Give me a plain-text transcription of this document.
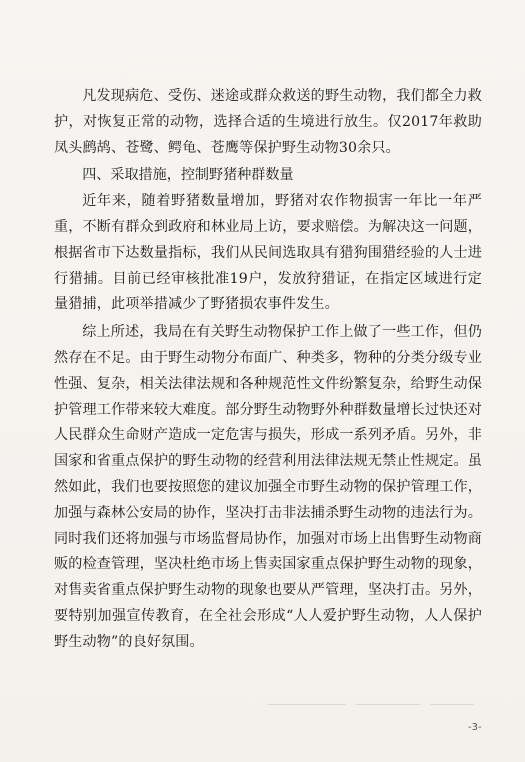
凡发现病危、受伤、迷途或群众救送的野生动物，我们都全力救护，对恢复正常的动物，选择合适的生境进行放生。仅2017年救助凤头鹧鸪、苍鹭、鳄龟、苍鹰等保护野生动物30余只。

四、采取措施，控制野猪种群数量

近年来，随着野猪数量增加，野猪对农作物损害一年比一年严重，不断有群众到政府和林业局上访，要求赔偿。为解决这一问题，根据省市下达数量指标，我们从民间选取具有猎狗围猎经验的人士进行猎捕。目前已经审核批准19户，发放狩猎证，在指定区域进行定量猎捕，此项举措减少了野猪损农事件发生。

综上所述，我局在有关野生动物保护工作上做了一些工作，但仍然存在不足。由于野生动物分布面广、种类多，物种的分类分级专业性强、复杂，相关法律法规和各种规范性文件纷繁复杂，给野生动保护管理工作带来较大难度。部分野生动物野外种群数量增长过快还对人民群众生命财产造成一定危害与损失，形成一系列矛盾。另外，非国家和省重点保护的野生动物的经营利用法律法规无禁止性规定。虽然如此，我们也要按照您的建议加强全市野生动物的保护管理工作，加强与森林公安局的协作，坚决打击非法捕杀野生动物的违法行为。同时我们还将加强与市场监督局协作，加强对市场上出售野生动物商贩的检查管理，坚决杜绝市场上售卖国家重点保护野生动物的现象，对售卖省重点保护野生动物的现象也要从严管理，坚决打击。另外，要特别加强宣传教育，在全社会形成“人人爱护野生动物，人人保护野生动物”的良好氛围。

-3-
